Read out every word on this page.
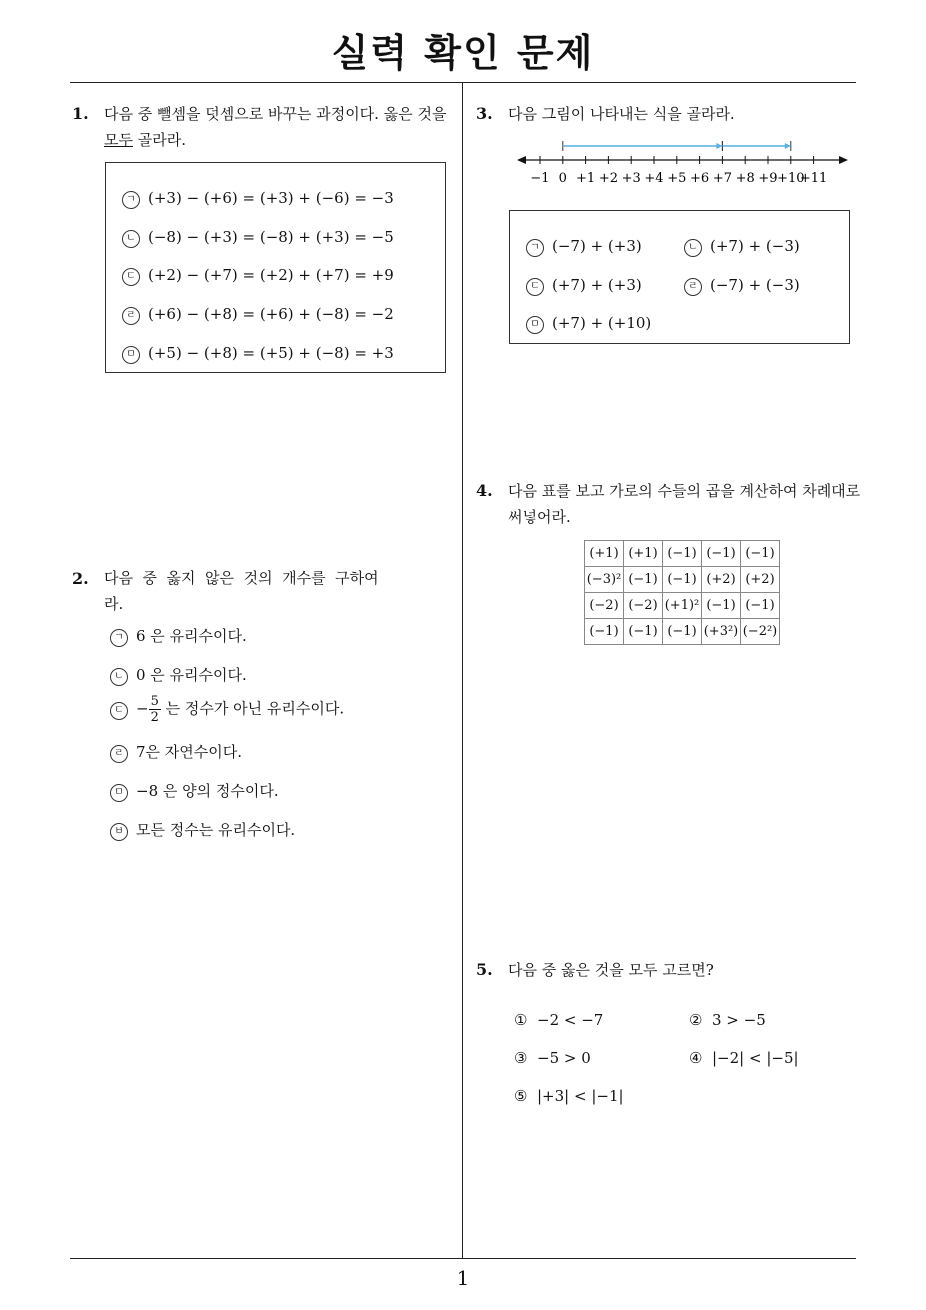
실력 확인 문제
1
1. 다음 중 뺄셈을 덧셈으로 바꾸는 과정이다. 옳은 것을
모두 골라라.
ㄱ (+3) − (+6) = (+3) + (−6) = −3
ㄴ (−8) − (+3) = (−8) + (+3) = −5
ㄷ (+2) − (+7) = (+2) + (+7) = +9
ㄹ (+6) − (+8) = (+6) + (−8) = −2
ㅁ (+5) − (+8) = (+5) + (−8) = +3
2. 다음  중  옳지  않은  것의  개수를  구하여
라.
ㄱ 6 은 유리수이다.
ㄴ 0 은 유리수이다.
ㄷ − $\frac{5}{2}$ 는 정수가 아닌 유리수이다.
ㄹ 7은 자연수이다.
ㅁ −8 은 양의 정수이다.
ㅂ 모든 정수는 유리수이다.
3. 다음 그림이 나타내는 식을 골라라.
−1 0 +1 +2 +3 +4 +5 +6 +7 +8 +9 +10
+11
ㄱ (−7) + (+3)	ㄴ (+7) + (−3)
ㄷ (+7) + (+3)	ㄹ (−7) + (−3)
ㅁ (+7) + (+10)
4. 다음 표를 보고 가로의 수들의 곱을 계산하여 차례대로
써넣어라.
(+1)	(+1)	(−1)	(−1)	(−1)
(−3)²	(−1)	(−1)	(+2)	(+2)
(−2)	(−2)	(+1)²	(−1)	(−1)
(−1)	(−1)	(−1)	(+3²)	(−2²)
5. 다음 중 옳은 것을 모두 고르면?
① −2 < −7	② 3 > −5
③ −5 > 0	④ |−2| < |−5|
⑤ |+3| < |−1|
